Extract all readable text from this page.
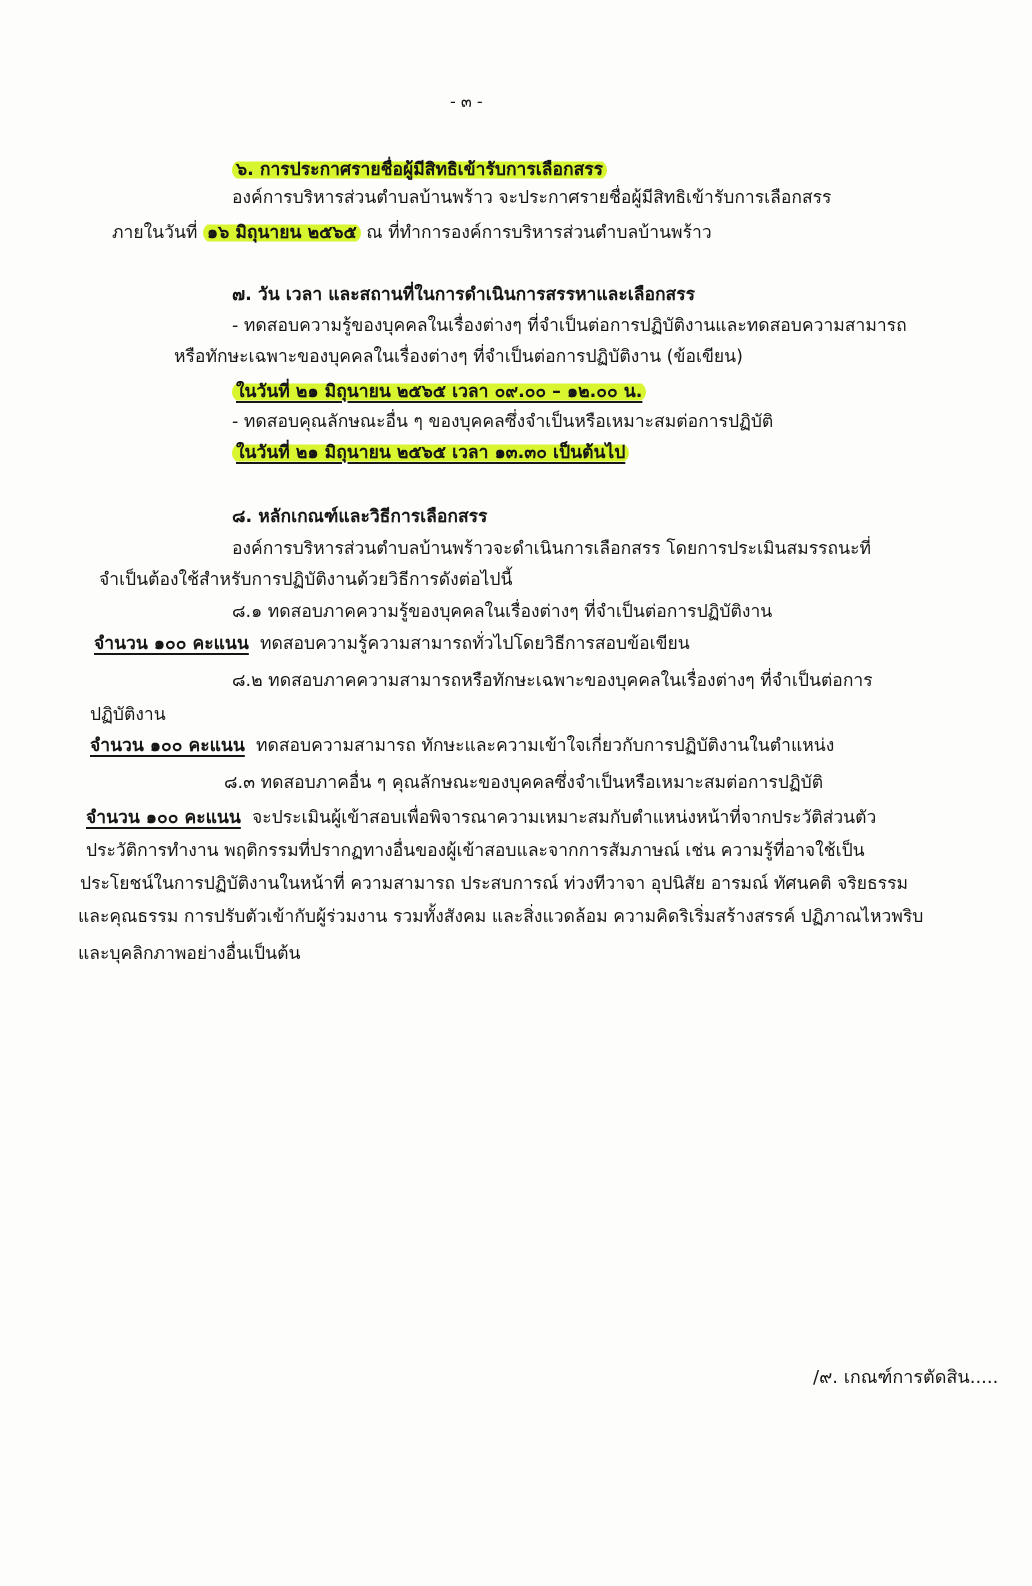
- ๓ -
๖. การประกาศรายชื่อผู้มีสิทธิเข้ารับการเลือกสรร
องค์การบริหารส่วนตำบลบ้านพร้าว จะประกาศรายชื่อผู้มีสิทธิเข้ารับการเลือกสรร
ภายในวันที่ ๑๖ มิถุนายน ๒๕๖๕ ณ ที่ทำการองค์การบริหารส่วนตำบลบ้านพร้าว
๗. วัน เวลา และสถานที่ในการดำเนินการสรรหาและเลือกสรร
- ทดสอบความรู้ของบุคคลในเรื่องต่างๆ ที่จำเป็นต่อการปฏิบัติงานและทดสอบความสามารถ
หรือทักษะเฉพาะของบุคคลในเรื่องต่างๆ ที่จำเป็นต่อการปฏิบัติงาน (ข้อเขียน)
ในวันที่ ๒๑ มิถุนายน ๒๕๖๕ เวลา ๐๙.๐๐ – ๑๒.๐๐ น.
- ทดสอบคุณลักษณะอื่น ๆ ของบุคคลซึ่งจำเป็นหรือเหมาะสมต่อการปฏิบัติ
ในวันที่ ๒๑ มิถุนายน ๒๕๖๕ เวลา ๑๓.๓๐ เป็นต้นไป
๘. หลักเกณฑ์และวิธีการเลือกสรร
องค์การบริหารส่วนตำบลบ้านพร้าวจะดำเนินการเลือกสรร โดยการประเมินสมรรถนะที่
จำเป็นต้องใช้สำหรับการปฏิบัติงานด้วยวิธีการดังต่อไปนี้
๘.๑ ทดสอบภาคความรู้ของบุคคลในเรื่องต่างๆ ที่จำเป็นต่อการปฏิบัติงาน
จำนวน ๑๐๐ คะแนน ทดสอบความรู้ความสามารถทั่วไปโดยวิธีการสอบข้อเขียน
๘.๒ ทดสอบภาคความสามารถหรือทักษะเฉพาะของบุคคลในเรื่องต่างๆ ที่จำเป็นต่อการ
ปฏิบัติงาน
จำนวน ๑๐๐ คะแนน ทดสอบความสามารถ ทักษะและความเข้าใจเกี่ยวกับการปฏิบัติงานในตำแหน่ง
๘.๓ ทดสอบภาคอื่น ๆ คุณลักษณะของบุคคลซึ่งจำเป็นหรือเหมาะสมต่อการปฏิบัติ
จำนวน ๑๐๐ คะแนน จะประเมินผู้เข้าสอบเพื่อพิจารณาความเหมาะสมกับตำแหน่งหน้าที่จากประวัติส่วนตัว
ประวัติการทำงาน พฤติกรรมที่ปรากฏทางอื่นของผู้เข้าสอบและจากการสัมภาษณ์ เช่น ความรู้ที่อาจใช้เป็น
ประโยชน์ในการปฏิบัติงานในหน้าที่ ความสามารถ ประสบการณ์ ท่วงทีวาจา อุปนิสัย อารมณ์ ทัศนคติ จริยธรรม
และคุณธรรม การปรับตัวเข้ากับผู้ร่วมงาน รวมทั้งสังคม และสิ่งแวดล้อม ความคิดริเริ่มสร้างสรรค์ ปฏิภาณไหวพริบ
และบุคลิกภาพอย่างอื่นเป็นต้น
/๙. เกณฑ์การตัดสิน.....
